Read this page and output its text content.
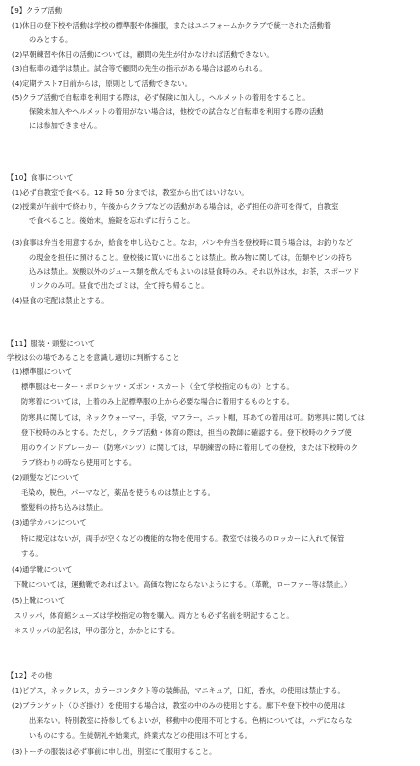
【9】クラブ活動
(1)休日の登下校や活動は学校の標準服や体操服，またはユニフォームかクラブで統一された活動着
のみとする。
(2)早朝練習や休日の活動については，顧問の先生が付かなければ活動できない。
(3)自転車の通学は禁止。試合等で顧問の先生の指示がある場合は認められる。
(4)定期テスト7日前からは，原則として活動できない。
(5)クラブ活動で自転車を利用する際は，必ず保険に加入し，ヘルメットの着用をすること。
保険未加入やヘルメットの着用がない場合は，他校での試合など自転車を利用する際の活動
には参加できません。
【10】食事について
(1)必ず自教室で食べる。12 時 50 分までは，教室から出てはいけない。
(2)授業が午前中で終わり，午後からクラブなどの活動がある場合は，必ず担任の許可を得て，自教室
で食べること。後始末，施錠を忘れずに行うこと。
(3)食事は弁当を用意するか，給食を申し込むこと。なお，パンや弁当を登校時に買う場合は，お釣りなど
の現金を担任に預けること。登校後に買いに出ることは禁止。飲み物に関しては，缶類やビンの持ち
込みは禁止。炭酸以外のジュース類を飲んでもよいのは昼食時のみ。それ以外は水，お茶，スポーツド
リンクのみ可。昼食で出たゴミは，全て持ち帰ること。
(4)昼食の宅配は禁止とする。
【11】服装・頭髪について
学校は公の場であることを意識し適切に判断すること
(1)標準服について
標準服はセーター・ポロシャツ・ズボン・スカート（全て学校指定のもの）とする。
防寒着については，上着のみ上記標準服の上から必要な場合に着用するものとする。
防寒具に関しては，ネックウォーマー，手袋，マフラー，ニット帽，耳あての着用は可。防寒具に関しては
登下校時のみとする。ただし，クラブ活動・体育の際は，担当の教師に確認する。登下校時のクラブ使
用のウインドブレーカー（防寒パンツ）に関しては，早朝練習の時に着用しての登校，または下校時のク
ラブ終わりの時なら使用可とする。
(2)頭髪などについて
毛染め，脱色，パーマなど，薬品を使うものは禁止とする。
整髪料の持ち込みは禁止。
(3)通学カバンについて
特に規定はないが，両手が空くなどの機能的な物を使用する。教室では後ろのロッカーに入れて保管
する。
(4)通学靴について
下靴については，運動靴であればよい。高価な物にならないようにする。（革靴，ローファー等は禁止。）
(5)上靴について
スリッパ，体育館シューズは学校指定の物を購入。両方とも必ず名前を明記すること。
＊スリッパの記名は，甲の部分と，かかとにする。
【12】その他
(1)ピアス，ネックレス，カラーコンタクト等の装飾品，マニキュア，口紅，香水，の使用は禁止する。
(2)ブランケット（ひざ掛け）を使用する場合は，教室の中のみの使用とする。廊下や登下校中の使用は
出来ない。特別教室に持参してもよいが，移動中の使用不可とする。色柄については，ハデにならな
いものにする。生徒朝礼や始業式，終業式などの使用は不可とする。
(3)トーチの服装は必ず事前に申し出，別室にて服用すること。
